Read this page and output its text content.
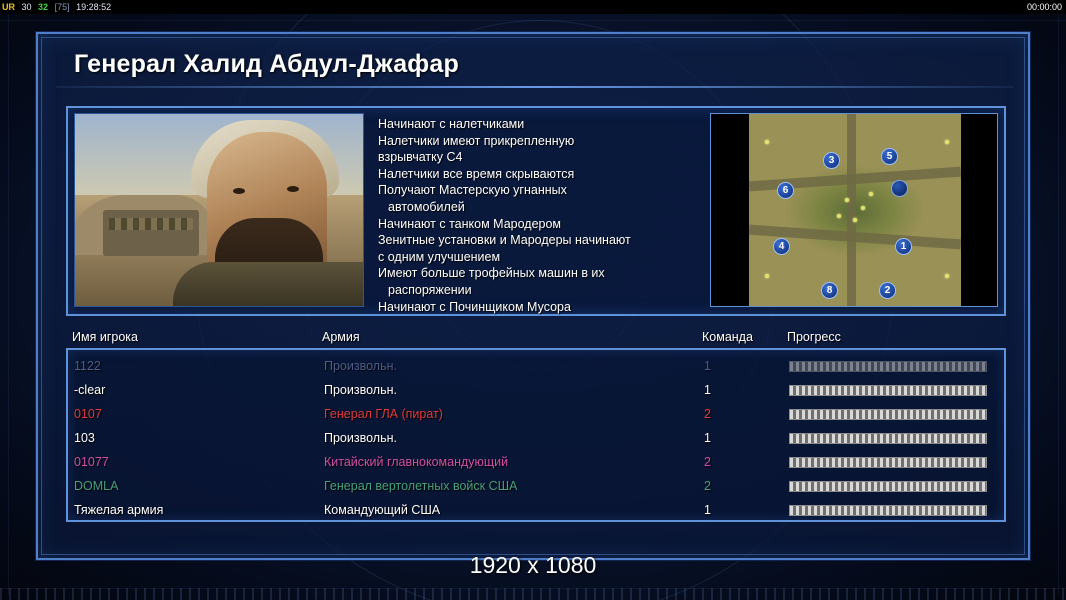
UR 30 32 [75] 19:28:52	00:00:00
Генерал Халид Абдул-Джафар
Начинают с налетчиками
Налетчики имеют прикрепленную
взрывчатку C4
Налетчики все время скрываются
Получают Мастерскую угнанных
автомобилей
Начинают с танком Мародером
Зенитные установки и Мародеры начинают
с одним улучшением
Имеют больше трофейных машин в их
распоряжении
Начинают с Починщиком Мусора
3	5
6
4	1
8	2
Имя игрока	Армия	Команда	Прогресс
1122	Произвольн.	1
-clear	Произвольн.	1
0107	Генерал ГЛА (пират)	2
103	Произвольн.	1
01077	Китайский главнокомандующий	2
DOMLA	Генерал вертолетных войск США	2
Тяжелая армия	Командующий США	1
1920 x 1080
